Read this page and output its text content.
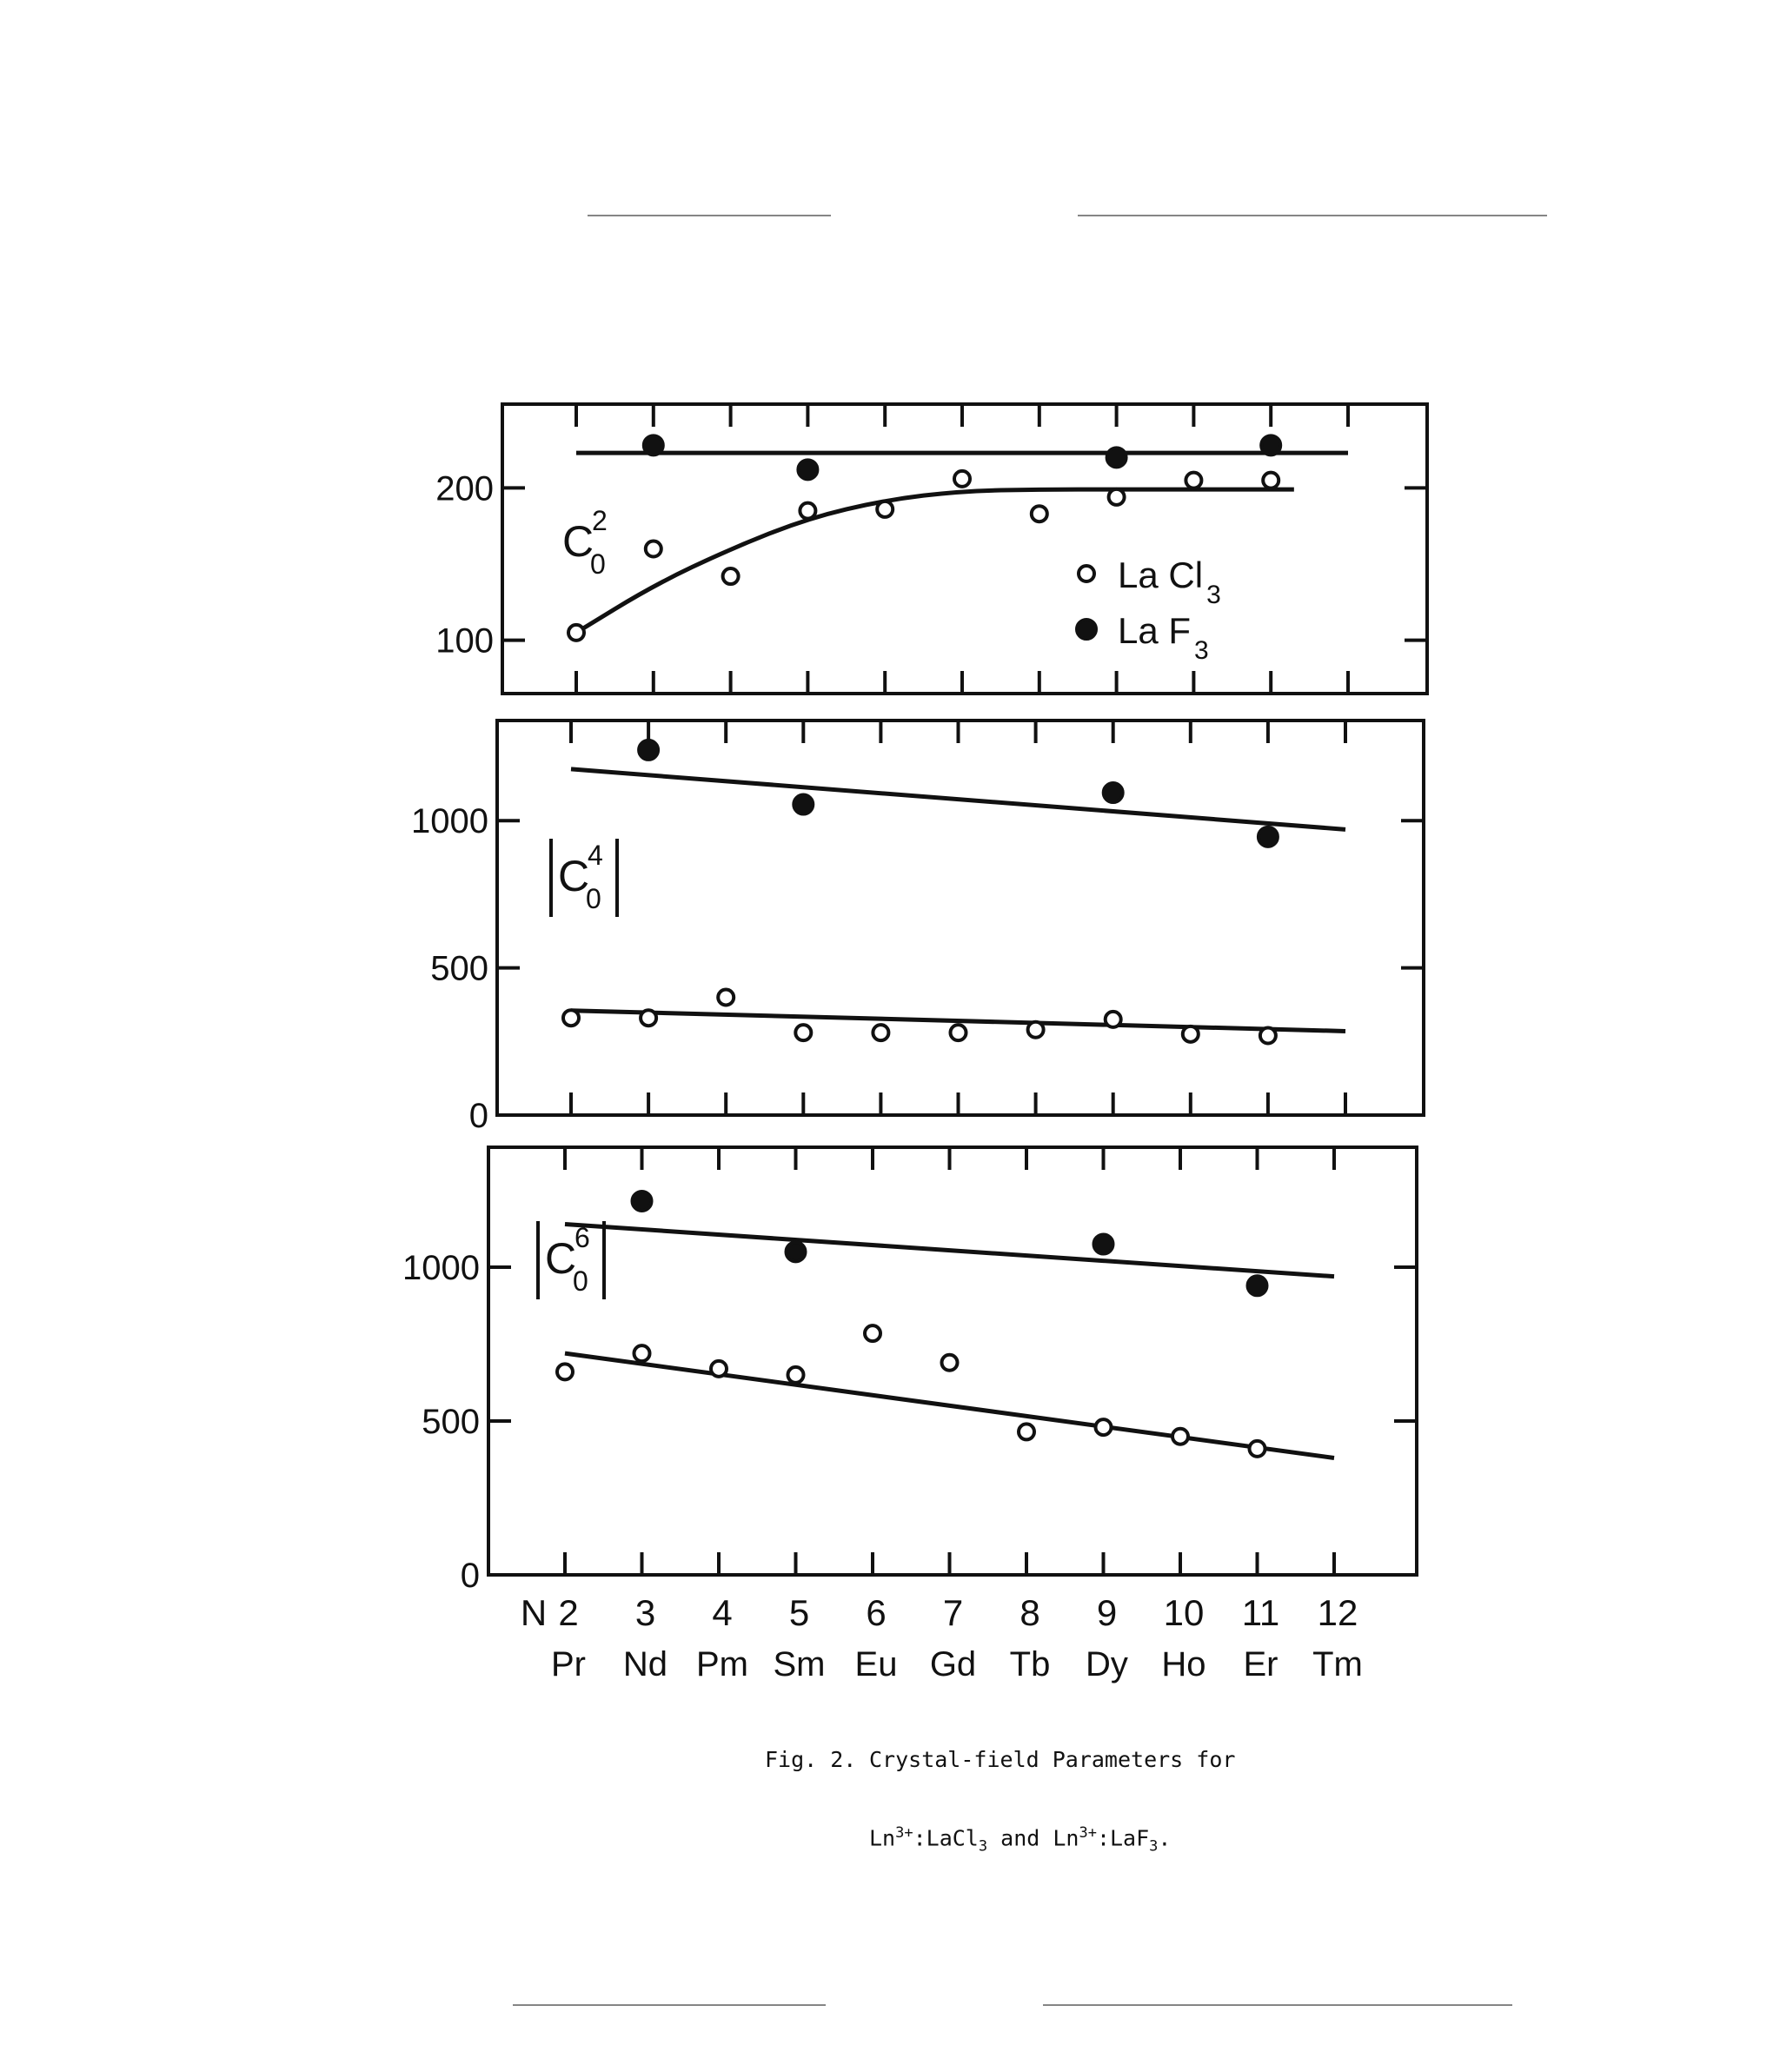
100
200
C
2
0	La Cl 3
La F 3
0
500
1000
C
4
0
0
500
1000 C
6
0
N 2
Pr
3
Nd
4
Pm
5
Sm
6
Eu
7
Gd
8
Tb
9
Dy
10
Ho
11
Er
12
Tm

Fig. 2. Crystal-field Parameters for

$Ln^{3+}:LaCl_3$ and $Ln^{3+}:LaF_3$.
